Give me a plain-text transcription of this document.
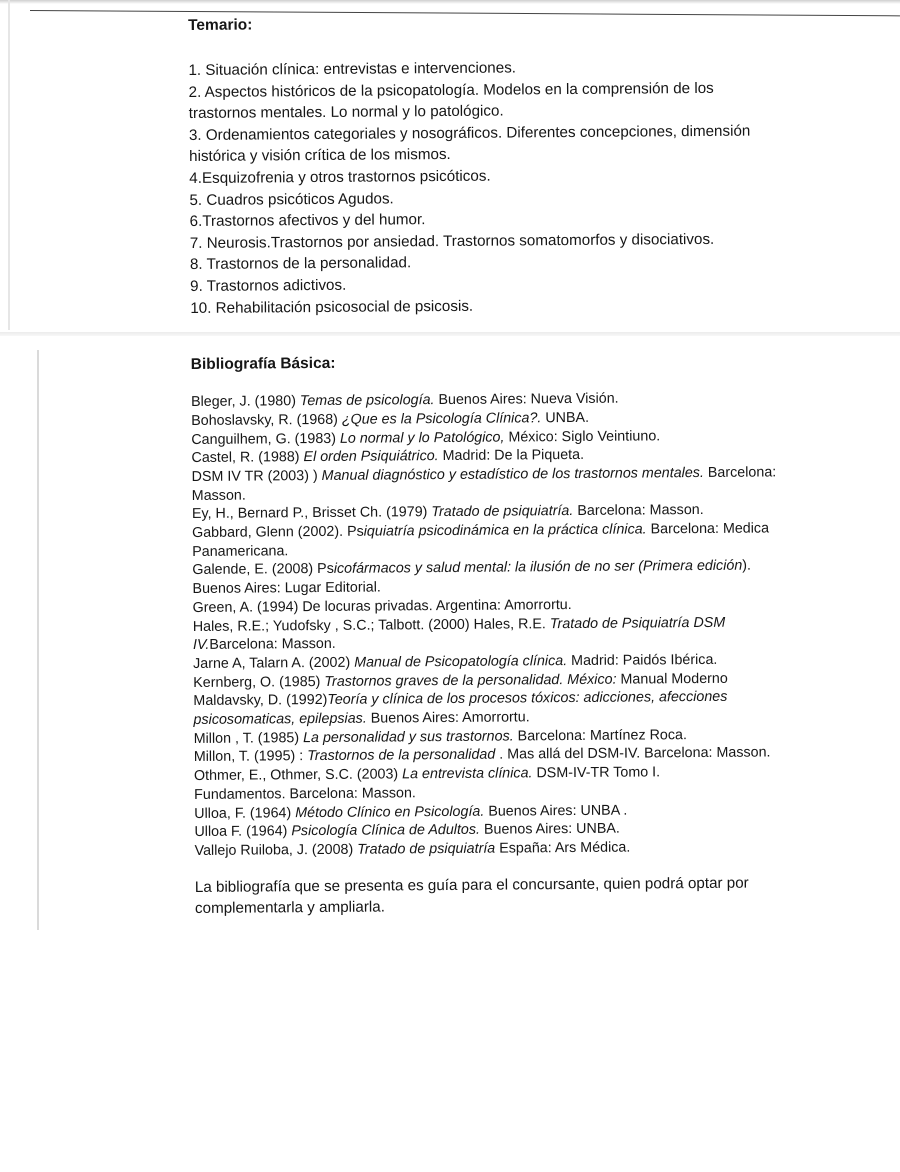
Temario:
1. Situación clínica: entrevistas e intervenciones.
2. Aspectos históricos de la psicopatología. Modelos en la comprensión de los
trastornos mentales. Lo normal y lo patológico.
3. Ordenamientos categoriales y nosográficos. Diferentes concepciones, dimensión
histórica y visión crítica de los mismos.
4.Esquizofrenia y otros trastornos psicóticos.
5. Cuadros psicóticos Agudos.
6.Trastornos afectivos y del humor.
7. Neurosis.Trastornos por ansiedad. Trastornos somatomorfos y disociativos.
8. Trastornos de la personalidad.
9. Trastornos adictivos.
10. Rehabilitación psicosocial de psicosis.
Bibliografía Básica:
Bleger, J. (1980) Temas de psicología. Buenos Aires: Nueva Visión.
Bohoslavsky, R. (1968) ¿Que es la Psicología Clínica?. UNBA.
Canguilhem, G. (1983) Lo normal y lo Patológico, México: Siglo Veintiuno.
Castel, R. (1988) El orden Psiquiátrico. Madrid: De la Piqueta.
DSM IV TR (2003) ) Manual diagnóstico y estadístico de los trastornos mentales. Barcelona:
Masson.
Ey, H., Bernard P., Brisset Ch. (1979) Tratado de psiquiatría. Barcelona: Masson.
Gabbard, Glenn (2002). Psiquiatría psicodinámica en la práctica clínica. Barcelona: Medica
Panamericana.
Galende, E. (2008) Psicofármacos y salud mental: la ilusión de no ser (Primera edición).
Buenos Aires: Lugar Editorial.
Green, A. (1994) De locuras privadas. Argentina: Amorrortu.
Hales, R.E.; Yudofsky , S.C.; Talbott. (2000) Hales, R.E. Tratado de Psiquiatría DSM
IV.Barcelona: Masson.
Jarne A, Talarn A. (2002) Manual de Psicopatología clínica. Madrid: Paidós Ibérica.
Kernberg, O. (1985) Trastornos graves de la personalidad. México: Manual Moderno
Maldavsky, D. (1992)Teoría y clínica de los procesos tóxicos: adicciones, afecciones
psicosomaticas, epilepsias. Buenos Aires: Amorrortu.
Millon , T. (1985) La personalidad y sus trastornos. Barcelona: Martínez Roca.
Millon, T. (1995) : Trastornos de la personalidad . Mas allá del DSM-IV. Barcelona: Masson.
Othmer, E., Othmer, S.C. (2003) La entrevista clínica. DSM-IV-TR Tomo I.
Fundamentos. Barcelona: Masson.
Ulloa, F. (1964) Método Clínico en Psicología. Buenos Aires: UNBA .
Ulloa F. (1964) Psicología Clínica de Adultos. Buenos Aires: UNBA.
Vallejo Ruiloba, J. (2008) Tratado de psiquiatría España: Ars Médica.
La bibliografía que se presenta es guía para el concursante, quien podrá optar por
complementarla y ampliarla.
